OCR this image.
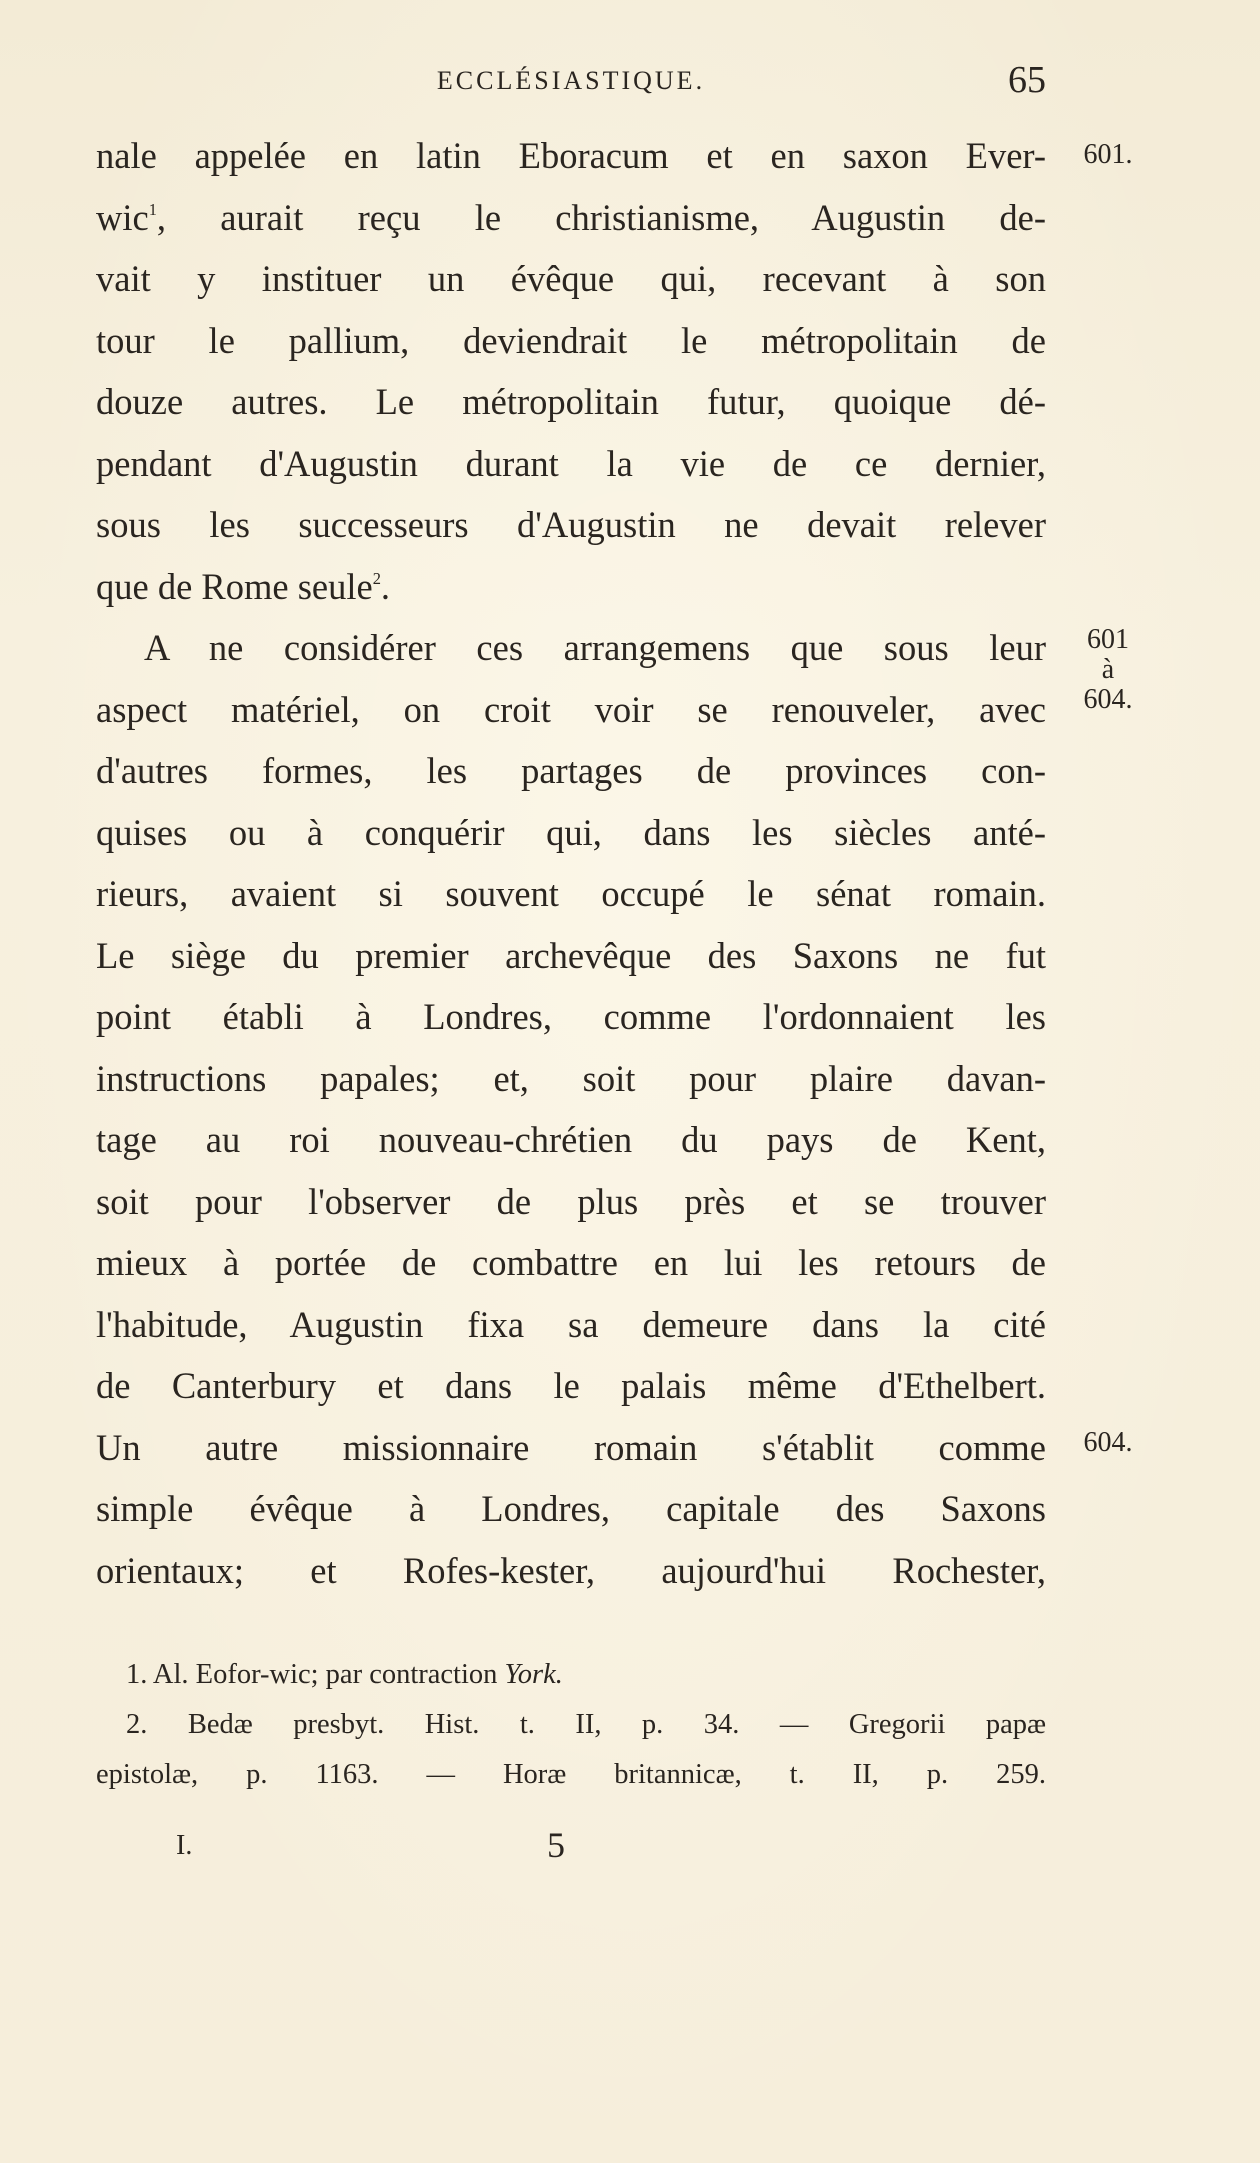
ECCLÉSIASTIQUE.	65
nale appelée en latin Eboracum et en saxon Ever-
wic$^1$, aurait reçu le christianisme, Augustin de-
vait y instituer un évêque qui, recevant à son
tour le pallium, deviendrait le métropolitain de
douze autres. Le métropolitain futur, quoique dé-
pendant d'Augustin durant la vie de ce dernier,
sous les successeurs d'Augustin ne devait relever
que de Rome seule$^2$.
A ne considérer ces arrangemens que sous leur
aspect matériel, on croit voir se renouveler, avec
d'autres formes, les partages de provinces con-
quises ou à conquérir qui, dans les siècles anté-
rieurs, avaient si souvent occupé le sénat romain.
Le siège du premier archevêque des Saxons ne fut
point établi à Londres, comme l'ordonnaient les
instructions papales; et, soit pour plaire davan-
tage au roi nouveau-chrétien du pays de Kent,
soit pour l'observer de plus près et se trouver
mieux à portée de combattre en lui les retours de
l'habitude, Augustin fixa sa demeure dans la cité
de Canterbury et dans le palais même d'Ethelbert.
Un autre missionnaire romain s'établit comme
simple évêque à Londres, capitale des Saxons
orientaux; et Rofes-kester, aujourd'hui Rochester,
601.
601
à
604.
604.
1. Al. Eofor-wic; par contraction York.
2. Bedæ presbyt. Hist. t. II, p. 34. — Gregorii papæ
epistolæ, p. 1163. — Horæ britannicæ, t. II, p. 259.
I.	5
